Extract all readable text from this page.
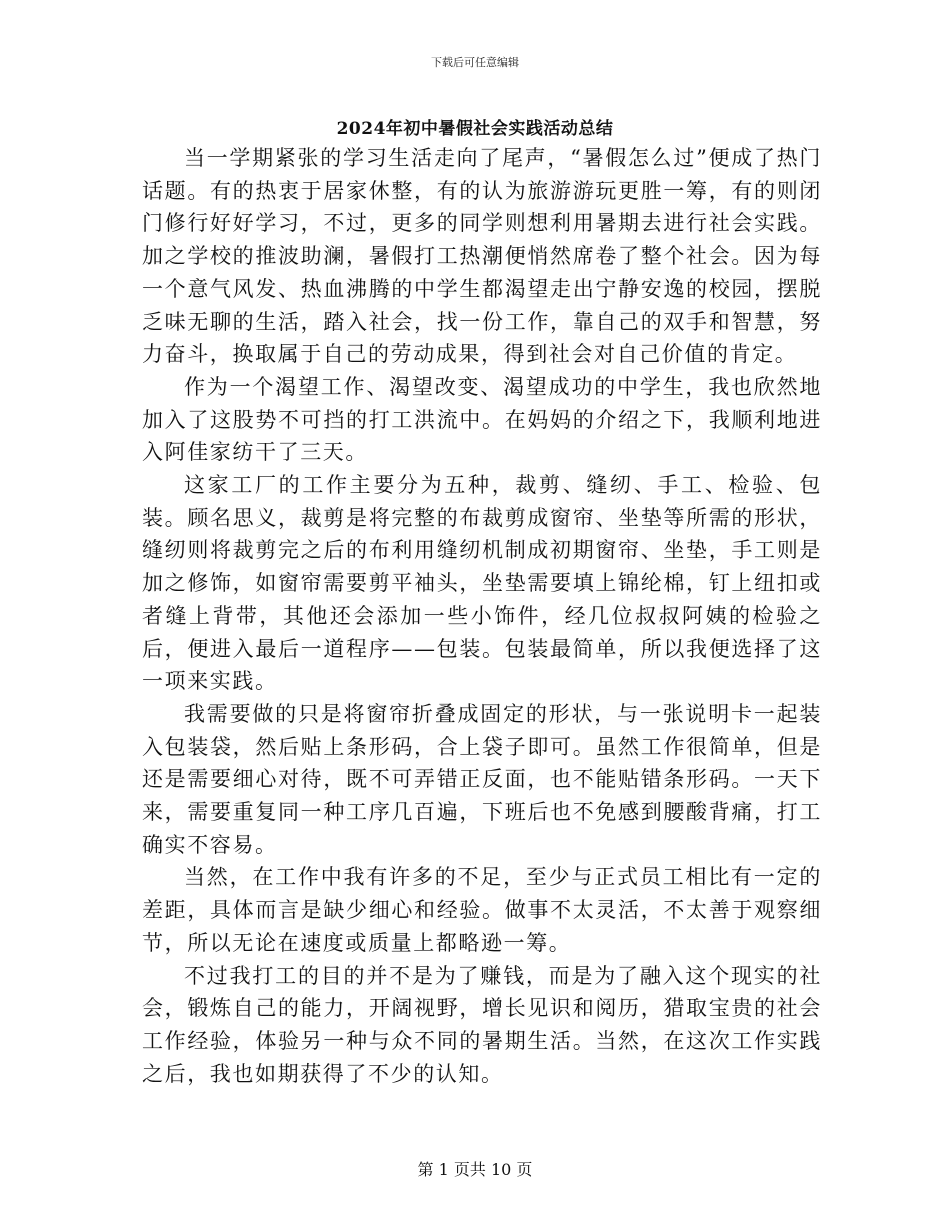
下载后可任意编辑
2024年初中暑假社会实践活动总结

当一学期紧张的学习生活走向了尾声，“暑假怎么过”便成了热门话题。有的热衷于居家休整，有的认为旅游游玩更胜一筹，有的则闭门修行好好学习，不过，更多的同学则想利用暑期去进行社会实践。加之学校的推波助澜，暑假打工热潮便悄然席卷了整个社会。因为每一个意气风发、热血沸腾的中学生都渴望走出宁静安逸的校园，摆脱乏味无聊的生活，踏入社会，找一份工作，靠自己的双手和智慧，努力奋斗，换取属于自己的劳动成果，得到社会对自己价值的肯定。

作为一个渴望工作、渴望改变、渴望成功的中学生，我也欣然地加入了这股势不可挡的打工洪流中。在妈妈的介绍之下，我顺利地进入阿佳家纺干了三天。

这家工厂的工作主要分为五种，裁剪、缝纫、手工、检验、包装。顾名思义，裁剪是将完整的布裁剪成窗帘、坐垫等所需的形状，缝纫则将裁剪完之后的布利用缝纫机制成初期窗帘、坐垫，手工则是加之修饰，如窗帘需要剪平袖头，坐垫需要填上锦纶棉，钉上纽扣或者缝上背带，其他还会添加一些小饰件，经几位叔叔阿姨的检验之后，便进入最后一道程序——包装。包装最简单，所以我便选择了这一项来实践。

我需要做的只是将窗帘折叠成固定的形状，与一张说明卡一起装入包装袋，然后贴上条形码，合上袋子即可。虽然工作很简单，但是还是需要细心对待，既不可弄错正反面，也不能贴错条形码。一天下来，需要重复同一种工序几百遍，下班后也不免感到腰酸背痛，打工确实不容易。

当然，在工作中我有许多的不足，至少与正式员工相比有一定的差距，具体而言是缺少细心和经验。做事不太灵活，不太善于观察细节，所以无论在速度或质量上都略逊一筹。

不过我打工的目的并不是为了赚钱，而是为了融入这个现实的社会，锻炼自己的能力，开阔视野，增长见识和阅历，猎取宝贵的社会工作经验，体验另一种与众不同的暑期生活。当然，在这次工作实践之后，我也如期获得了不少的认知。

第 1 页共 10 页
